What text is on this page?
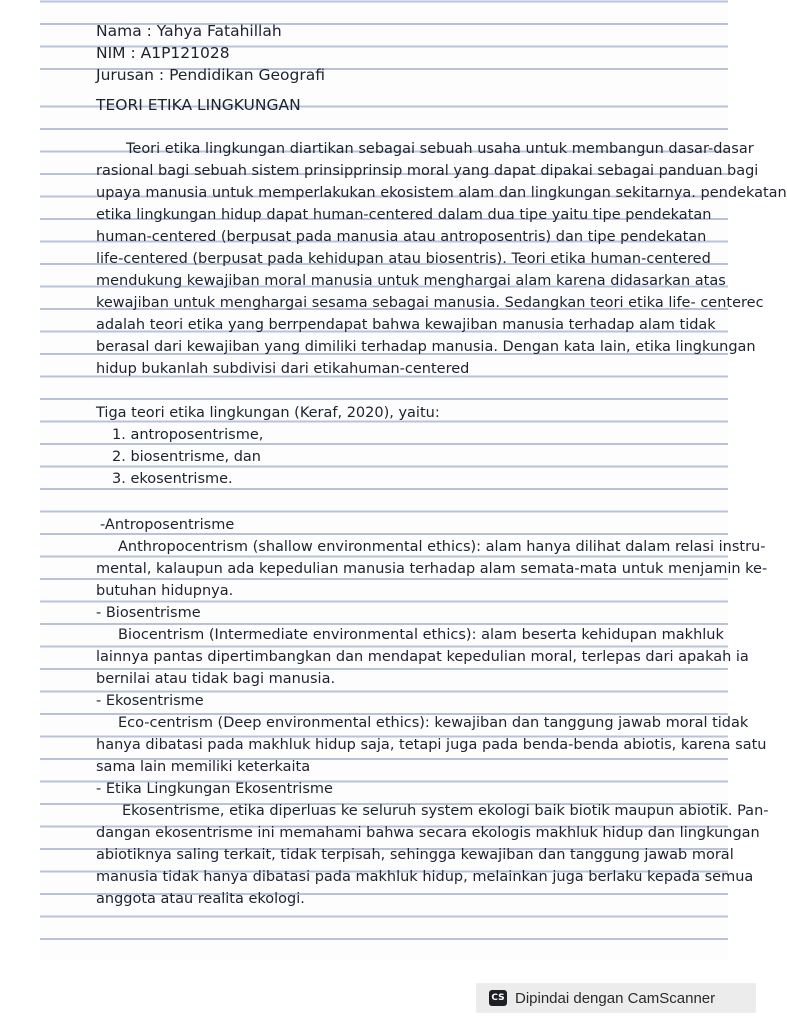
Nama : Yahya Fatahillah
NIM : A1P121028
Jurusan : Pendidikan Geografi
TEORI ETIKA LINGKUNGAN
Teori etika lingkungan diartikan sebagai sebuah usaha untuk membangun dasar-dasar
rasional bagi sebuah sistem prinsipprinsip moral yang dapat dipakai sebagai panduan bagi
upaya manusia untuk memperlakukan ekosistem alam dan lingkungan sekitarnya. pendekatan
etika lingkungan hidup dapat human-centered dalam dua tipe yaitu tipe pendekatan
human-centered (berpusat pada manusia atau antroposentris) dan tipe pendekatan
life-centered (berpusat pada kehidupan atau biosentris). Teori etika human-centered
mendukung kewajiban moral manusia untuk menghargai alam karena didasarkan atas
kewajiban untuk menghargai sesama sebagai manusia. Sedangkan teori etika life- centerec
adalah teori etika yang berrpendapat bahwa kewajiban manusia terhadap alam tidak
berasal dari kewajiban yang dimiliki terhadap manusia. Dengan kata lain, etika lingkungan
hidup bukanlah subdivisi dari etikahuman-centered
Tiga teori etika lingkungan (Keraf, 2020), yaitu:
1. antroposentrisme,
2. biosentrisme, dan
3. ekosentrisme.
-Antroposentrisme
Anthropocentrism (shallow environmental ethics): alam hanya dilihat dalam relasi instru-
mental, kalaupun ada kepedulian manusia terhadap alam semata-mata untuk menjamin ke-
butuhan hidupnya.
- Biosentrisme
Biocentrism (Intermediate environmental ethics): alam beserta kehidupan makhluk
lainnya pantas dipertimbangkan dan mendapat kepedulian moral, terlepas dari apakah ia
bernilai atau tidak bagi manusia.
- Ekosentrisme
Eco-centrism (Deep environmental ethics): kewajiban dan tanggung jawab moral tidak
hanya dibatasi pada makhluk hidup saja, tetapi juga pada benda-benda abiotis, karena satu
sama lain memiliki keterkaita
- Etika Lingkungan Ekosentrisme
Ekosentrisme, etika diperluas ke seluruh system ekologi baik biotik maupun abiotik. Pan-
dangan ekosentrisme ini memahami bahwa secara ekologis makhluk hidup dan lingkungan
abiotiknya saling terkait, tidak terpisah, sehingga kewajiban dan tanggung jawab moral
manusia tidak hanya dibatasi pada makhluk hidup, melainkan juga berlaku kepada semua
anggota atau realita ekologi.
CS Dipindai dengan CamScanner
